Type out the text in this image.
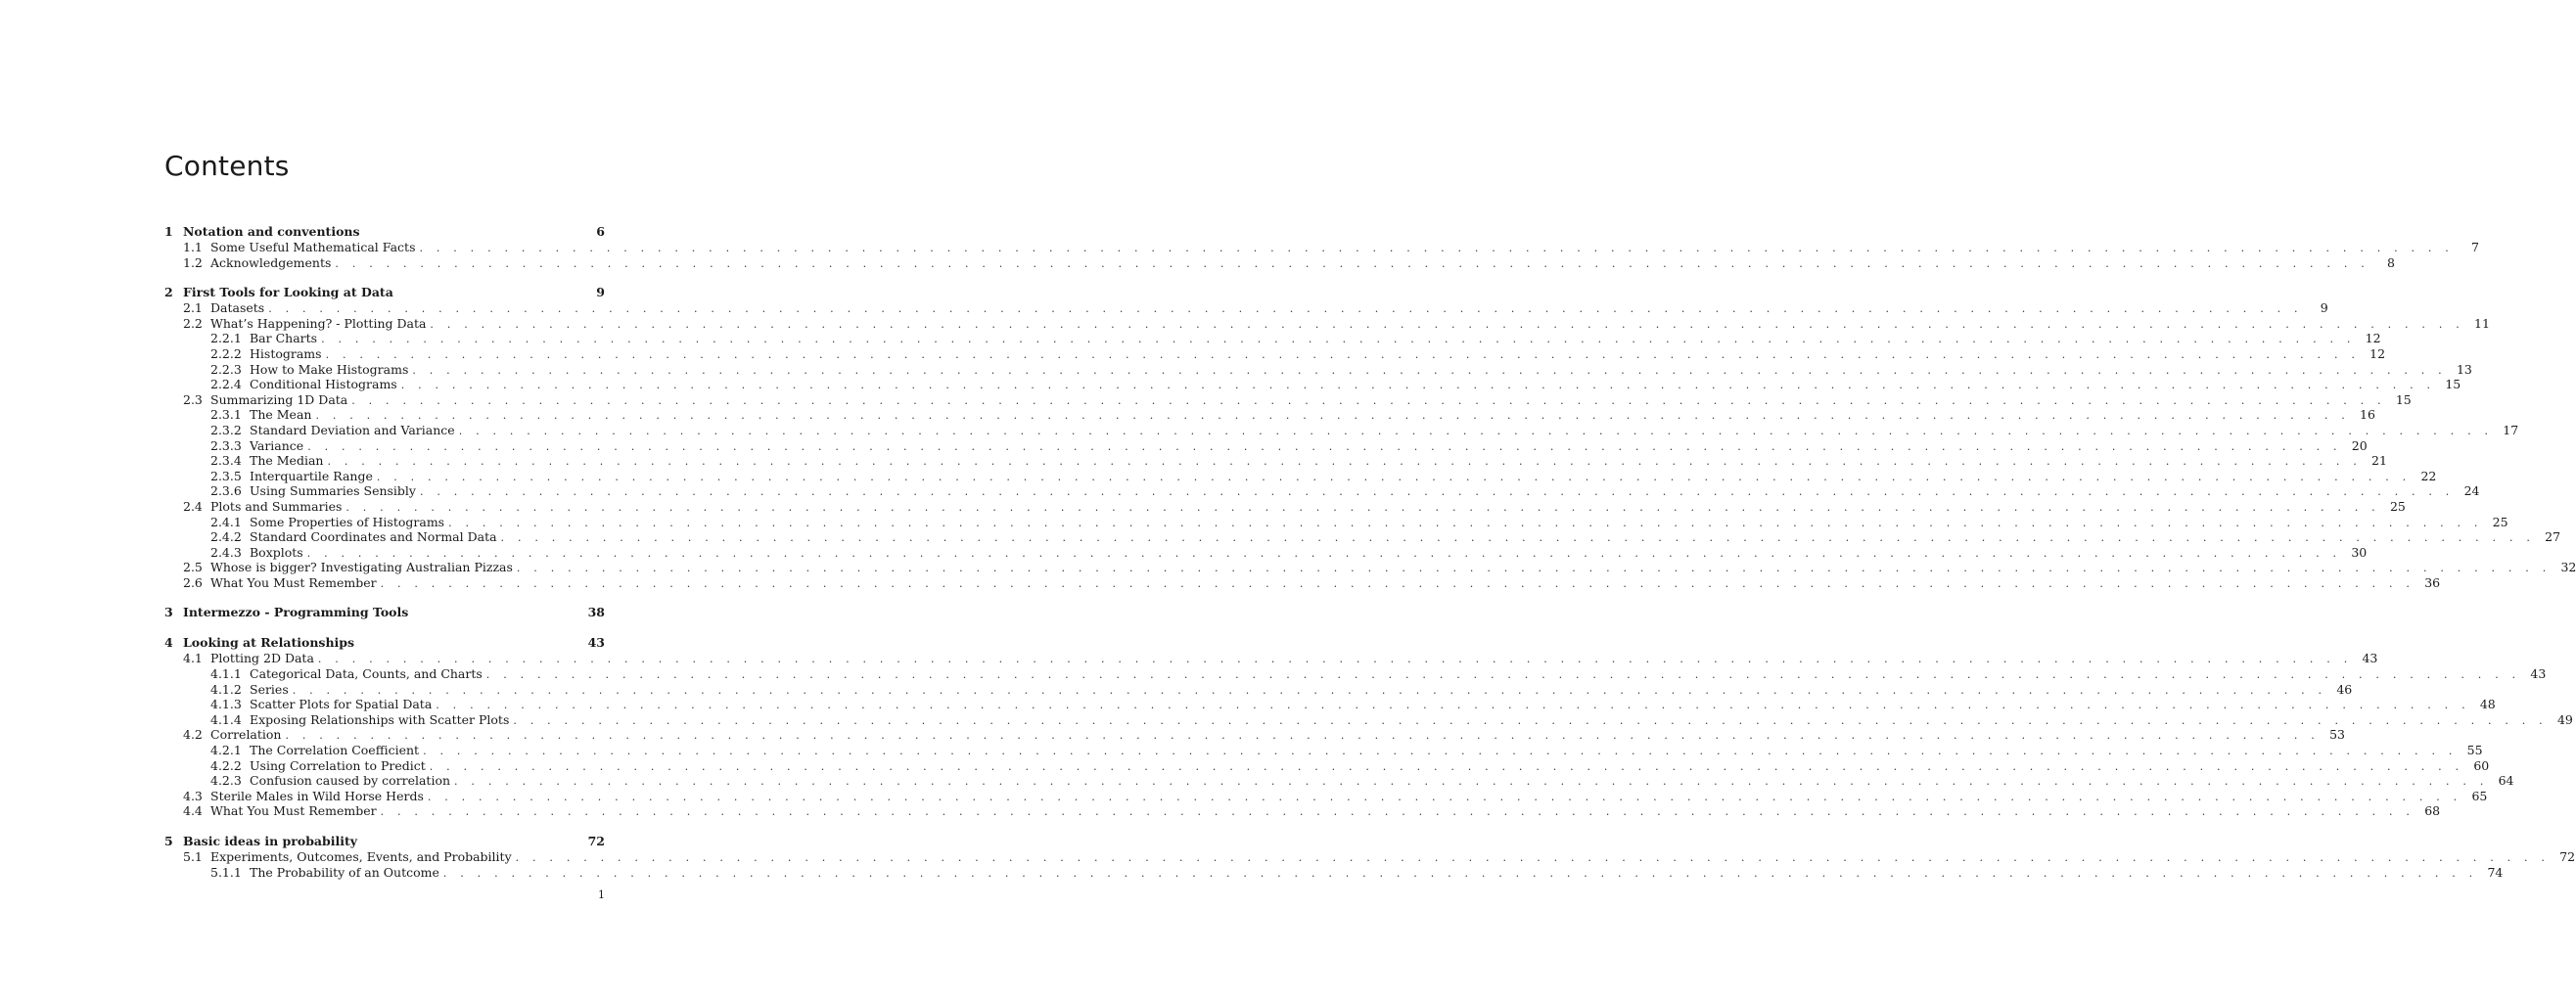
Contents
1 Notation and conventions	6
1.1 Some Useful Mathematical Facts . . . . . . . . . . . . . . . . . . . . . . . . . . . . . . . . . . . . . . . . . . . . . . . . . . . . . . . . . . . . . . . . . . . . . . . . . . . . . . . . . . . . . . . . . . . . . . . . . . . . . . . . . . . . . . . . . . . . . . . .	7
1.2 Acknowledgements . . . . . . . . . . . . . . . . . . . . . . . . . . . . . . . . . . . . . . . . . . . . . . . . . . . . . . . . . . . . . . . . . . . . . . . . . . . . . . . . . . . . . . . . . . . . . . . . . . . . . . . . . . . . . . . . . . . . . . . .	8
2 First Tools for Looking at Data	9
2.1 Datasets . . . . . . . . . . . . . . . . . . . . . . . . . . . . . . . . . . . . . . . . . . . . . . . . . . . . . . . . . . . . . . . . . . . . . . . . . . . . . . . . . . . . . . . . . . . . . . . . . . . . . . . . . . . . . . . . . . . . . . . .	9
2.2 What’s Happening? - Plotting Data . . . . . . . . . . . . . . . . . . . . . . . . . . . . . . . . . . . . . . . . . . . . . . . . . . . . . . . . . . . . . . . . . . . . . . . . . . . . . . . . . . . . . . . . . . . . . . . . . . . . . . . . . . . . . . . . . . . . . . . . 11
2.2.1 Bar Charts . . . . . . . . . . . . . . . . . . . . . . . . . . . . . . . . . . . . . . . . . . . . . . . . . . . . . . . . . . . . . . . . . . . . . . . . . . . . . . . . . . . . . . . . . . . . . . . . . . . . . . . . . . . . . . . . . . . . . . . . 12
2.2.2 Histograms . . . . . . . . . . . . . . . . . . . . . . . . . . . . . . . . . . . . . . . . . . . . . . . . . . . . . . . . . . . . . . . . . . . . . . . . . . . . . . . . . . . . . . . . . . . . . . . . . . . . . . . . . . . . . . . . . . . . . . . . 12
2.2.3 How to Make Histograms . . . . . . . . . . . . . . . . . . . . . . . . . . . . . . . . . . . . . . . . . . . . . . . . . . . . . . . . . . . . . . . . . . . . . . . . . . . . . . . . . . . . . . . . . . . . . . . . . . . . . . . . . . . . . . . . . . . . . . . . 13
2.2.4 Conditional Histograms . . . . . . . . . . . . . . . . . . . . . . . . . . . . . . . . . . . . . . . . . . . . . . . . . . . . . . . . . . . . . . . . . . . . . . . . . . . . . . . . . . . . . . . . . . . . . . . . . . . . . . . . . . . . . . . . . . . . . . . . 15
2.3 Summarizing 1D Data . . . . . . . . . . . . . . . . . . . . . . . . . . . . . . . . . . . . . . . . . . . . . . . . . . . . . . . . . . . . . . . . . . . . . . . . . . . . . . . . . . . . . . . . . . . . . . . . . . . . . . . . . . . . . . . . . . . . . . . . 15
2.3.1 The Mean . . . . . . . . . . . . . . . . . . . . . . . . . . . . . . . . . . . . . . . . . . . . . . . . . . . . . . . . . . . . . . . . . . . . . . . . . . . . . . . . . . . . . . . . . . . . . . . . . . . . . . . . . . . . . . . . . . . . . . . . 16
2.3.2 Standard Deviation and Variance . . . . . . . . . . . . . . . . . . . . . . . . . . . . . . . . . . . . . . . . . . . . . . . . . . . . . . . . . . . . . . . . . . . . . . . . . . . . . . . . . . . . . . . . . . . . . . . . . . . . . . . . . . . . . . . . . . . . . . . . 17
2.3.3 Variance . . . . . . . . . . . . . . . . . . . . . . . . . . . . . . . . . . . . . . . . . . . . . . . . . . . . . . . . . . . . . . . . . . . . . . . . . . . . . . . . . . . . . . . . . . . . . . . . . . . . . . . . . . . . . . . . . . . . . . . . 20
2.3.4 The Median . . . . . . . . . . . . . . . . . . . . . . . . . . . . . . . . . . . . . . . . . . . . . . . . . . . . . . . . . . . . . . . . . . . . . . . . . . . . . . . . . . . . . . . . . . . . . . . . . . . . . . . . . . . . . . . . . . . . . . . . 21
2.3.5 Interquartile Range . . . . . . . . . . . . . . . . . . . . . . . . . . . . . . . . . . . . . . . . . . . . . . . . . . . . . . . . . . . . . . . . . . . . . . . . . . . . . . . . . . . . . . . . . . . . . . . . . . . . . . . . . . . . . . . . . . . . . . . . 22
2.3.6 Using Summaries Sensibly . . . . . . . . . . . . . . . . . . . . . . . . . . . . . . . . . . . . . . . . . . . . . . . . . . . . . . . . . . . . . . . . . . . . . . . . . . . . . . . . . . . . . . . . . . . . . . . . . . . . . . . . . . . . . . . . . . . . . . . . 24
2.4 Plots and Summaries . . . . . . . . . . . . . . . . . . . . . . . . . . . . . . . . . . . . . . . . . . . . . . . . . . . . . . . . . . . . . . . . . . . . . . . . . . . . . . . . . . . . . . . . . . . . . . . . . . . . . . . . . . . . . . . . . . . . . . . . 25
2.4.1 Some Properties of Histograms . . . . . . . . . . . . . . . . . . . . . . . . . . . . . . . . . . . . . . . . . . . . . . . . . . . . . . . . . . . . . . . . . . . . . . . . . . . . . . . . . . . . . . . . . . . . . . . . . . . . . . . . . . . . . . . . . . . . . . . . 25
2.4.2 Standard Coordinates and Normal Data . . . . . . . . . . . . . . . . . . . . . . . . . . . . . . . . . . . . . . . . . . . . . . . . . . . . . . . . . . . . . . . . . . . . . . . . . . . . . . . . . . . . . . . . . . . . . . . . . . . . . . . . . . . . . . . . . . . . . . . . 27
2.4.3 Boxplots . . . . . . . . . . . . . . . . . . . . . . . . . . . . . . . . . . . . . . . . . . . . . . . . . . . . . . . . . . . . . . . . . . . . . . . . . . . . . . . . . . . . . . . . . . . . . . . . . . . . . . . . . . . . . . . . . . . . . . . . 30
2.5 Whose is bigger? Investigating Australian Pizzas . . . . . . . . . . . . . . . . . . . . . . . . . . . . . . . . . . . . . . . . . . . . . . . . . . . . . . . . . . . . . . . . . . . . . . . . . . . . . . . . . . . . . . . . . . . . . . . . . . . . . . . . . . . . . . . . . . . . . . . . 32
2.6 What You Must Remember . . . . . . . . . . . . . . . . . . . . . . . . . . . . . . . . . . . . . . . . . . . . . . . . . . . . . . . . . . . . . . . . . . . . . . . . . . . . . . . . . . . . . . . . . . . . . . . . . . . . . . . . . . . . . . . . . . . . . . . . 36
3 Intermezzo - Programming Tools	38
4 Looking at Relationships	43
4.1 Plotting 2D Data . . . . . . . . . . . . . . . . . . . . . . . . . . . . . . . . . . . . . . . . . . . . . . . . . . . . . . . . . . . . . . . . . . . . . . . . . . . . . . . . . . . . . . . . . . . . . . . . . . . . . . . . . . . . . . . . . . . . . . . . 43
4.1.1 Categorical Data, Counts, and Charts . . . . . . . . . . . . . . . . . . . . . . . . . . . . . . . . . . . . . . . . . . . . . . . . . . . . . . . . . . . . . . . . . . . . . . . . . . . . . . . . . . . . . . . . . . . . . . . . . . . . . . . . . . . . . . . . . . . . . . . . 43
4.1.2 Series . . . . . . . . . . . . . . . . . . . . . . . . . . . . . . . . . . . . . . . . . . . . . . . . . . . . . . . . . . . . . . . . . . . . . . . . . . . . . . . . . . . . . . . . . . . . . . . . . . . . . . . . . . . . . . . . . . . . . . . . 46
4.1.3 Scatter Plots for Spatial Data . . . . . . . . . . . . . . . . . . . . . . . . . . . . . . . . . . . . . . . . . . . . . . . . . . . . . . . . . . . . . . . . . . . . . . . . . . . . . . . . . . . . . . . . . . . . . . . . . . . . . . . . . . . . . . . . . . . . . . . . 48
4.1.4 Exposing Relationships with Scatter Plots . . . . . . . . . . . . . . . . . . . . . . . . . . . . . . . . . . . . . . . . . . . . . . . . . . . . . . . . . . . . . . . . . . . . . . . . . . . . . . . . . . . . . . . . . . . . . . . . . . . . . . . . . . . . . . . . . . . . . . . . 49
4.2 Correlation . . . . . . . . . . . . . . . . . . . . . . . . . . . . . . . . . . . . . . . . . . . . . . . . . . . . . . . . . . . . . . . . . . . . . . . . . . . . . . . . . . . . . . . . . . . . . . . . . . . . . . . . . . . . . . . . . . . . . . . . 53
4.2.1 The Correlation Coefficient . . . . . . . . . . . . . . . . . . . . . . . . . . . . . . . . . . . . . . . . . . . . . . . . . . . . . . . . . . . . . . . . . . . . . . . . . . . . . . . . . . . . . . . . . . . . . . . . . . . . . . . . . . . . . . . . . . . . . . . . 55
4.2.2 Using Correlation to Predict . . . . . . . . . . . . . . . . . . . . . . . . . . . . . . . . . . . . . . . . . . . . . . . . . . . . . . . . . . . . . . . . . . . . . . . . . . . . . . . . . . . . . . . . . . . . . . . . . . . . . . . . . . . . . . . . . . . . . . . . 60
4.2.3 Confusion caused by correlation . . . . . . . . . . . . . . . . . . . . . . . . . . . . . . . . . . . . . . . . . . . . . . . . . . . . . . . . . . . . . . . . . . . . . . . . . . . . . . . . . . . . . . . . . . . . . . . . . . . . . . . . . . . . . . . . . . . . . . . . 64
4.3 Sterile Males in Wild Horse Herds . . . . . . . . . . . . . . . . . . . . . . . . . . . . . . . . . . . . . . . . . . . . . . . . . . . . . . . . . . . . . . . . . . . . . . . . . . . . . . . . . . . . . . . . . . . . . . . . . . . . . . . . . . . . . . . . . . . . . . . . 65
4.4 What You Must Remember . . . . . . . . . . . . . . . . . . . . . . . . . . . . . . . . . . . . . . . . . . . . . . . . . . . . . . . . . . . . . . . . . . . . . . . . . . . . . . . . . . . . . . . . . . . . . . . . . . . . . . . . . . . . . . . . . . . . . . . . 68
5 Basic ideas in probability	72
5.1 Experiments, Outcomes, Events, and Probability . . . . . . . . . . . . . . . . . . . . . . . . . . . . . . . . . . . . . . . . . . . . . . . . . . . . . . . . . . . . . . . . . . . . . . . . . . . . . . . . . . . . . . . . . . . . . . . . . . . . . . . . . . . . . . . . . . . . . . . . 72
5.1.1 The Probability of an Outcome . . . . . . . . . . . . . . . . . . . . . . . . . . . . . . . . . . . . . . . . . . . . . . . . . . . . . . . . . . . . . . . . . . . . . . . . . . . . . . . . . . . . . . . . . . . . . . . . . . . . . . . . . . . . . . . . . . . . . . . . 74
1
